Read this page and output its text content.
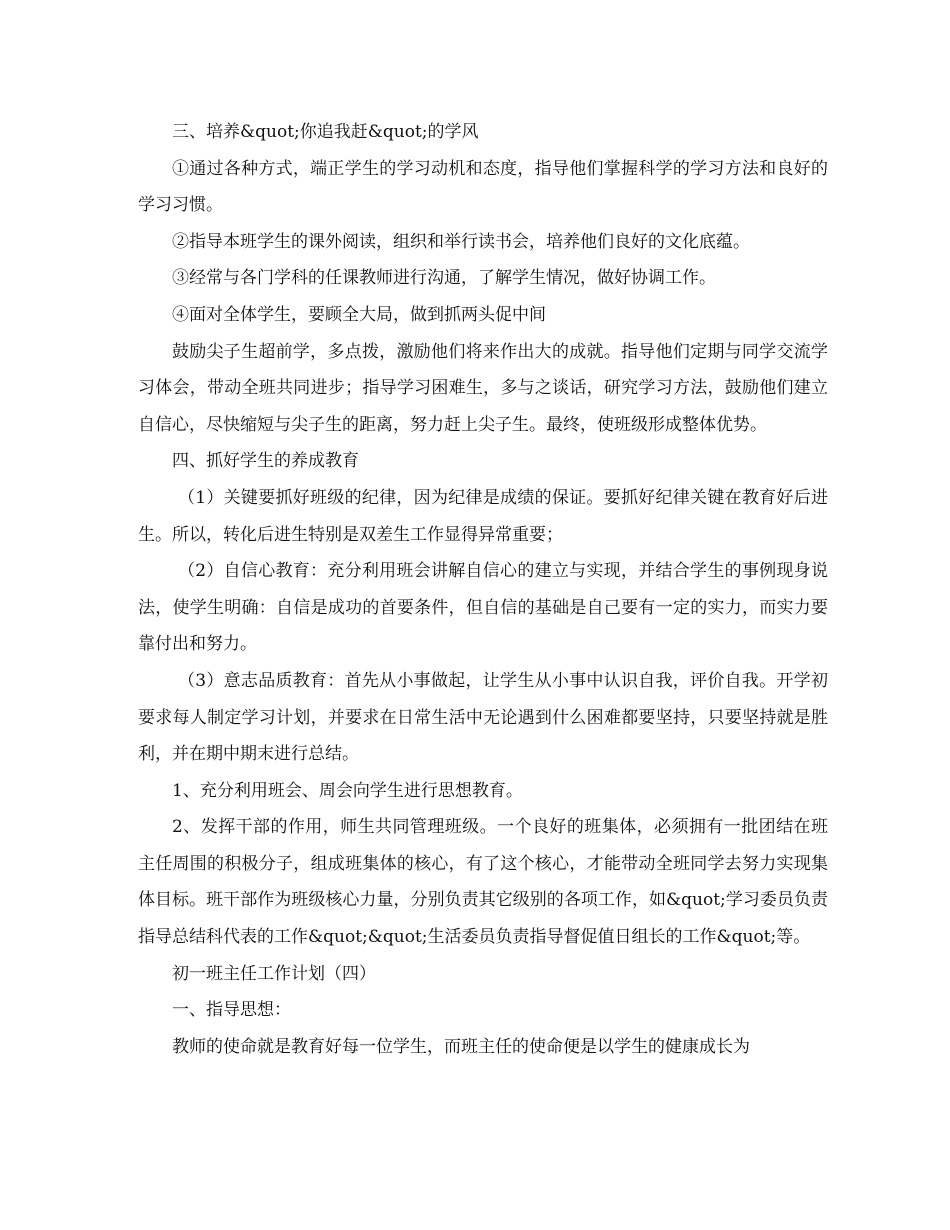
三、培养&quot;你追我赶&quot;的学风

①通过各种方式，端正学生的学习动机和态度，指导他们掌握科学的学习方法和良好的学习习惯。

②指导本班学生的课外阅读，组织和举行读书会，培养他们良好的文化底蕴。

③经常与各门学科的任课教师进行沟通，了解学生情况，做好协调工作。

④面对全体学生，要顾全大局，做到抓两头促中间

鼓励尖子生超前学，多点拨，激励他们将来作出大的成就。指导他们定期与同学交流学习体会，带动全班共同进步；指导学习困难生，多与之谈话，研究学习方法，鼓励他们建立自信心，尽快缩短与尖子生的距离，努力赶上尖子生。最终，使班级形成整体优势。

四、抓好学生的养成教育

（1）关键要抓好班级的纪律，因为纪律是成绩的保证。要抓好纪律关键在教育好后进生。所以，转化后进生特别是双差生工作显得异常重要；

（2）自信心教育：充分利用班会讲解自信心的建立与实现，并结合学生的事例现身说法，使学生明确：自信是成功的首要条件，但自信的基础是自己要有一定的实力，而实力要靠付出和努力。

（3）意志品质教育：首先从小事做起，让学生从小事中认识自我，评价自我。开学初要求每人制定学习计划，并要求在日常生活中无论遇到什么困难都要坚持，只要坚持就是胜利，并在期中期末进行总结。

1、充分利用班会、周会向学生进行思想教育。

2、发挥干部的作用，师生共同管理班级。一个良好的班集体，必须拥有一批团结在班主任周围的积极分子，组成班集体的核心，有了这个核心，才能带动全班同学去努力实现集体目标。班干部作为班级核心力量，分别负责其它级别的各项工作，如&quot;学习委员负责指导总结科代表的工作&quot;&quot;生活委员负责指导督促值日组长的工作&quot;等。

初一班主任工作计划（四）

一、指导思想：

教师的使命就是教育好每一位学生，而班主任的使命便是以学生的健康成长为
